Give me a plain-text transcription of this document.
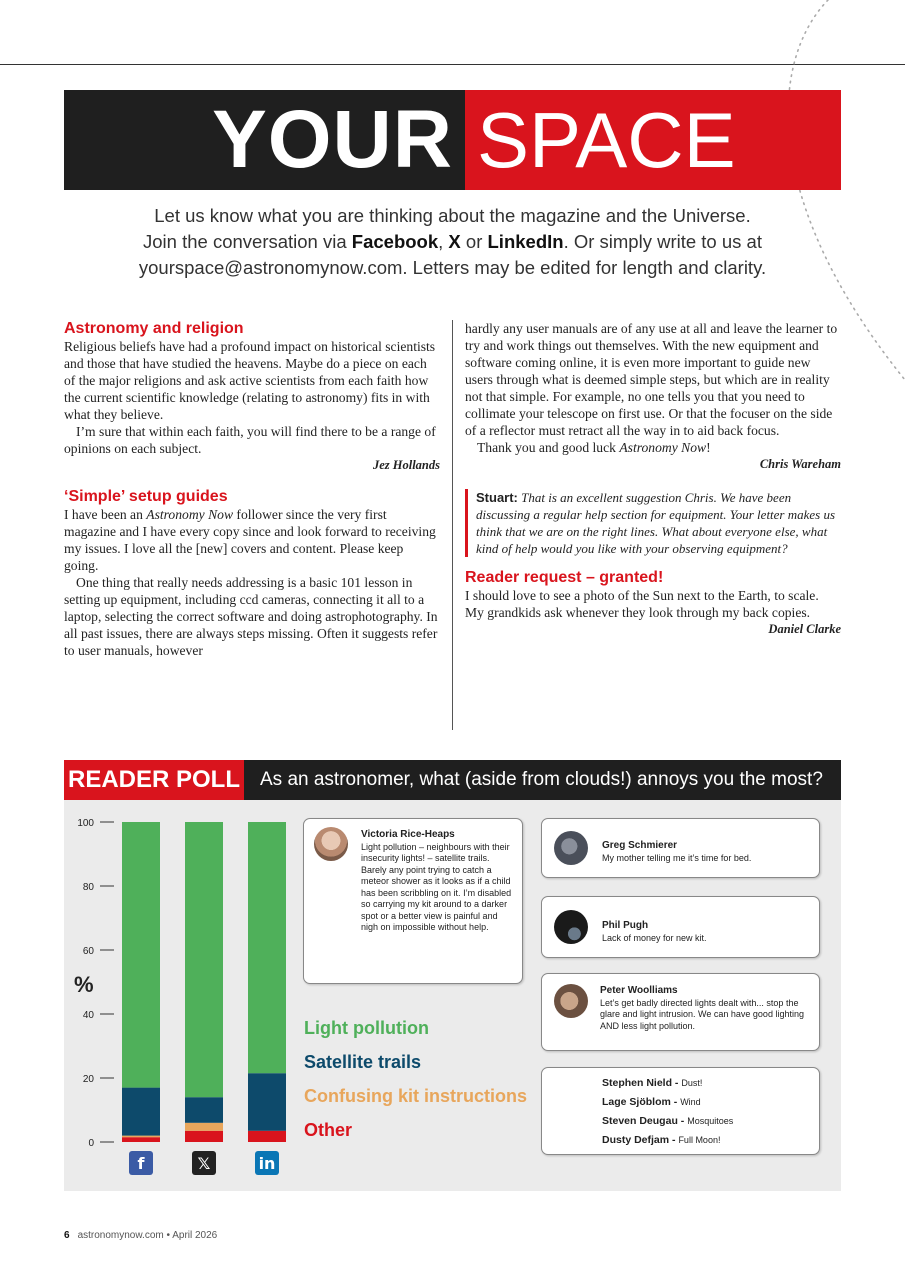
YOUR SPACE
Let us know what you are thinking about the magazine and the Universe.
Join the conversation via Facebook, X or LinkedIn. Or simply write to us at
yourspace@astronomynow.com. Letters may be edited for length and clarity.
Astronomy and religion

Religious beliefs have had a profound impact on historical scientists and those that have studied the heavens. Maybe do a piece on each of the major religions and ask active scientists from each faith how the current scientific knowledge (relating to astronomy) fits in with what they believe.

I’m sure that within each faith, you will find there to be a range of opinions on each subject.

Jez Hollands
‘Simple’ setup guides

I have been an Astronomy Now follower since the very first magazine and I have every copy since and look forward to receiving my issues. I love all the [new] covers and content. Please keep going.

One thing that really needs addressing is a basic 101 lesson in setting up equipment, including ccd cameras, connecting it all to a laptop, selecting the correct software and doing astrophotography. In all past issues, there are always steps missing. Often it suggests refer to user manuals, however

hardly any user manuals are of any use at all and leave the learner to try and work things out themselves. With the new equipment and software coming online, it is even more important to guide new users through what is deemed simple steps, but which are in reality not that simple. For example, no one tells you that you need to collimate your telescope on first use. Or that the focuser on the side of a reflector must retract all the way in to aid back focus.

Thank you and good luck Astronomy Now!

Chris Wareham
Stuart: That is an excellent suggestion Chris. We have been discussing a regular help section for equipment. Your letter makes us think that we are on the right lines. What about everyone else, what kind of help would you like with your observing equipment?
Reader request – granted!

I should love to see a photo of the Sun next to the Earth, to scale. My grandkids ask whenever they look through my back copies.

Daniel Clarke
READER POLL As an astronomer, what (aside from clouds!) annoys you the most?
0
20
40
60
80
100
%
f	𝕏	in
Light pollution
Satellite trails
Confusing kit instructions
Other
Victoria Rice-Heaps
Light pollution – neighbours with their insecurity lights! – satellite trails. Barely any point trying to catch a meteor shower as it looks as if a child has been scribbling on it. I’m disabled so carrying my kit around to a darker spot or a better view is painful and nigh on impossible without help.
Greg Schmierer
My mother telling me it’s time for bed.
Phil Pugh
Lack of money for new kit.
Peter Woolliams
Let’s get badly directed lights dealt with... stop the glare and light intrusion. We can have good lighting AND less light pollution.
Stephen Nield - Dust!
Lage Sjöblom - Wind
Steven Deugau - Mosquitoes
Dusty Defjam - Full Moon!
6 astronomynow.com • April 2026
